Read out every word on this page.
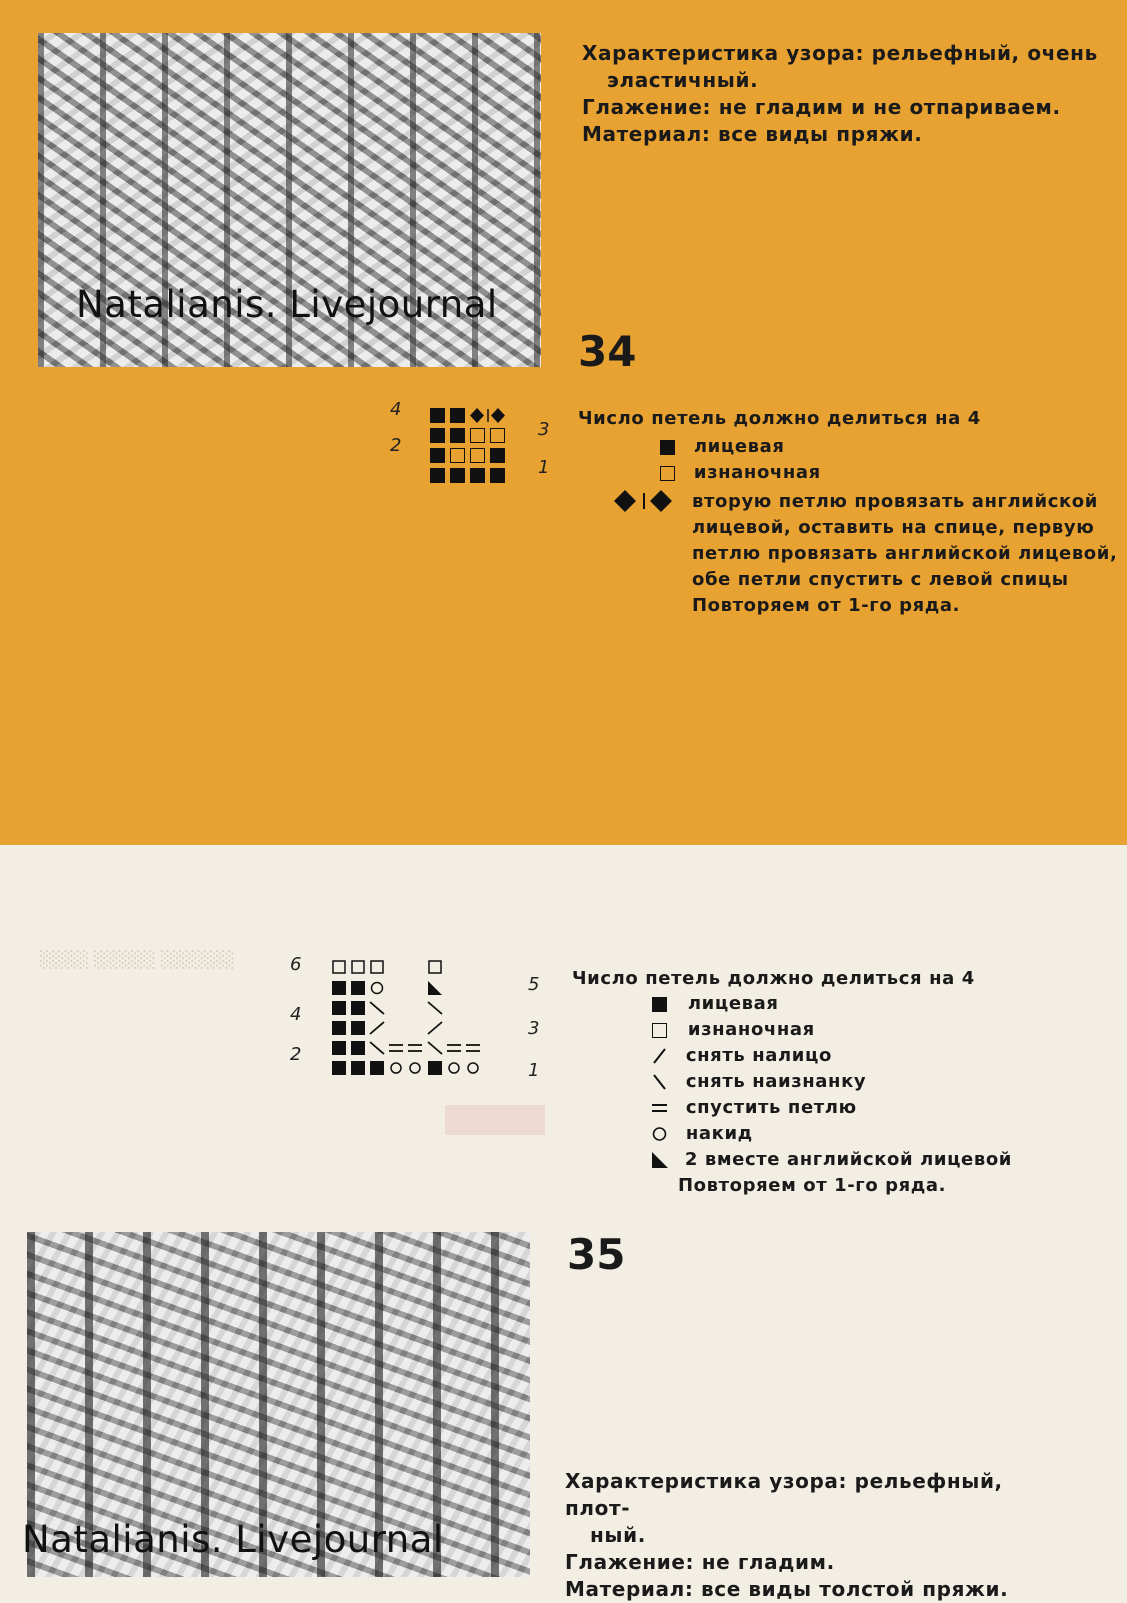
░░░░ ░░░░░ ░░░░░░
Natalianis. Livejournal
Характеристика узора: рельефный, очень
эластичный.
Глажение: не гладим и не отпариваем.
Материал: все виды пряжи.
34
4
2
3
1
Число петель должно делиться на 4
лицевая
изнаночная
вторую петлю провязать английской
лицевой, оставить на спице, первую
петлю провязать английской лицевой,
обе петли спустить с левой спицы
Повторяем от 1-го ряда.
6
4
2
5
3
1
Число петель должно делиться на 4
лицевая
изнаночная
снять налицо
снять наизнанку
спустить петлю
накид
2 вместе английской лицевой
Повторяем от 1-го ряда.
35
Natalianis. Livejournal
Характеристика узора: рельефный, плот-
ный.
Глажение: не гладим.
Материал: все виды толстой пряжи.
